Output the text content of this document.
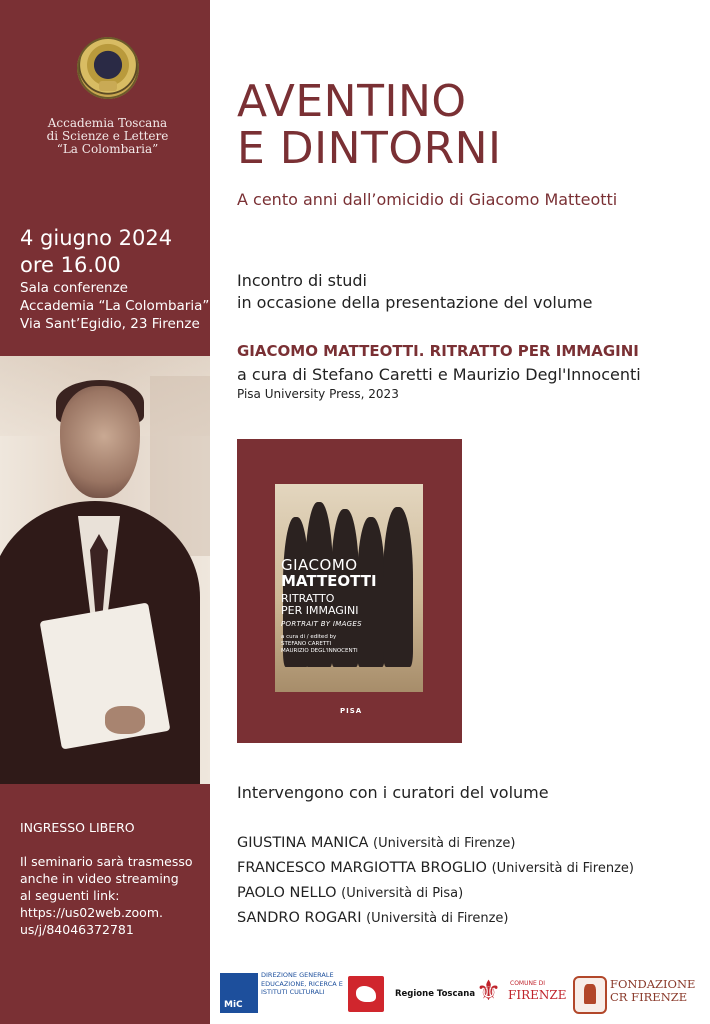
Accademia Toscana
di Scienze e Lettere
“La Colombaria”
4 giugno 2024
ore 16.00
Sala conferenze
Accademia “La Colombaria”
Via Sant’Egidio, 23 Firenze
INGRESSO LIBERO
Il seminario sarà trasmesso
anche in video streaming
al seguenti link:
https://us02web.zoom.
us/j/84046372781
AVENTINO
E DINTORNI
A cento anni dall’omicidio di Giacomo Matteotti
Incontro di studi
in occasione della presentazione del volume
GIACOMO MATTEOTTI. RITRATTO PER IMMAGINI
a cura di Stefano Caretti e Maurizio Degl'Innocenti
Pisa University Press, 2023
GIACOMO
MATTEOTTI
RITRATTO
PER IMMAGINI
PORTRAIT BY IMAGES
a cura di / edited by
STEFANO CARETTI
MAURIZIO DEGL'INNOCENTI
PISA
Intervengono con i curatori del volume
GIUSTINA MANICA (Università di Firenze)
FRANCESCO MARGIOTTA BROGLIO (Università di Firenze)
PAOLO NELLO (Università di Pisa)
SANDRO ROGARI (Università di Firenze)
MiC
DIREZIONE GENERALE EDUCAZIONE, RICERCA E ISTITUTI CULTURALI	Regione Toscana ⚜ COMUNE DI
FIRENZE
FONDAZIONE
CR FIRENZE
